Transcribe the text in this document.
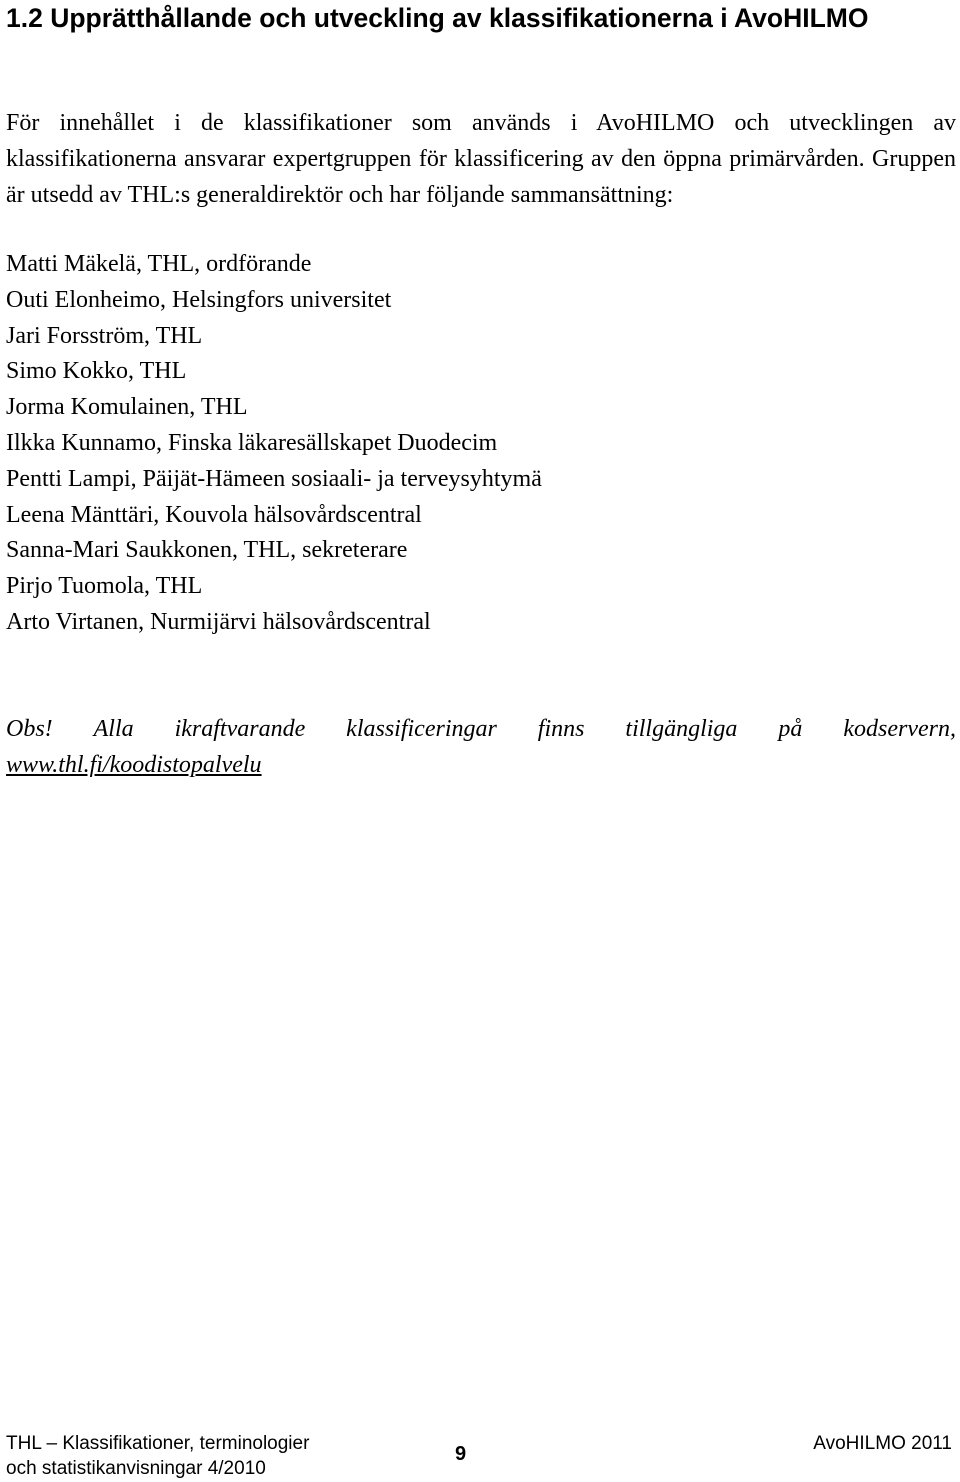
1.2 Upprätthållande och utveckling av klassifikationerna i AvoHILMO

För innehållet i de klassifikationer som används i AvoHILMO och utvecklingen av klassifikationerna ansvarar expertgruppen för klassificering av den öppna primärvården. Gruppen är utsedd av THL:s generaldirektör och har följande sammansättning:

Matti Mäkelä, THL, ordförande
Outi Elonheimo, Helsingfors universitet
Jari Forsström, THL
Simo Kokko, THL
Jorma Komulainen, THL
Ilkka Kunnamo, Finska läkaresällskapet Duodecim
Pentti Lampi, Päijät-Hämeen sosiaali- ja terveysyhtymä
Leena Mänttäri, Kouvola hälsovårdscentral
Sanna-Mari Saukkonen, THL, sekreterare
Pirjo Tuomola, THL
Arto Virtanen, Nurmijärvi hälsovårdscentral
Obs! Alla ikraftvarande klassificeringar finns tillgängliga på kodservern,
www.thl.fi/koodistopalvelu
THL – Klassifikationer, terminologier
och statistikanvisningar 4/2010
9	AvoHILMO 2011
